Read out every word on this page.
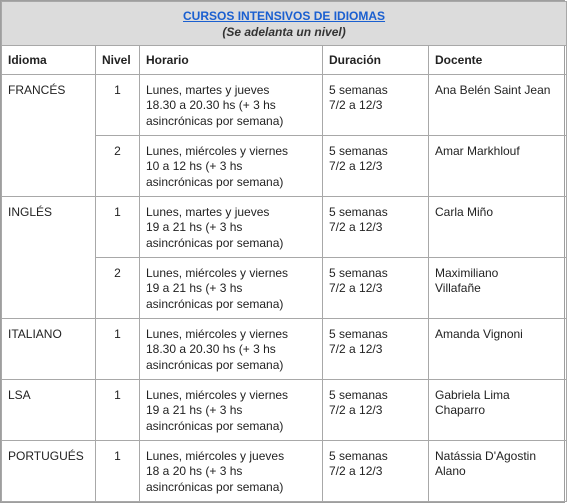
CURSOS INTENSIVOS DE IDIOMAS
(Se adelanta un nivel)				

Idioma	Nivel	Horario	Duración	Docente

FRANCÉS	1	Lunes, martes y jueves
18.30 a 20.30 hs (+ 3 hs
asincrónicas por semana)	5 semanas
7/2 a 12/3	Ana Belén Saint Jean

	2	Lunes, miércoles y viernes
10 a 12 hs (+ 3 hs
asincrónicas por semana)	5 semanas
7/2 a 12/3	Amar Markhlouf

INGLÉS	1	Lunes, martes y jueves
19 a 21 hs (+ 3 hs
asincrónicas por semana)	5 semanas
7/2 a 12/3	Carla Miño

	2	Lunes, miércoles y viernes
19 a 21 hs (+ 3 hs
asincrónicas por semana)	5 semanas
7/2 a 12/3	Maximiliano
Villafañe

ITALIANO	1	Lunes, miércoles y viernes
18.30 a 20.30 hs (+ 3 hs
asincrónicas por semana)	5 semanas
7/2 a 12/3	Amanda Vignoni

LSA	1	Lunes, miércoles y viernes
19 a 21 hs (+ 3 hs
asincrónicas por semana)	5 semanas
7/2 a 12/3	Gabriela Lima
Chaparro

PORTUGUÉS	1	Lunes, miércoles y jueves
18 a 20 hs (+ 3 hs
asincrónicas por semana)	5 semanas
7/2 a 12/3	Natássia D'Agostin
Alano
